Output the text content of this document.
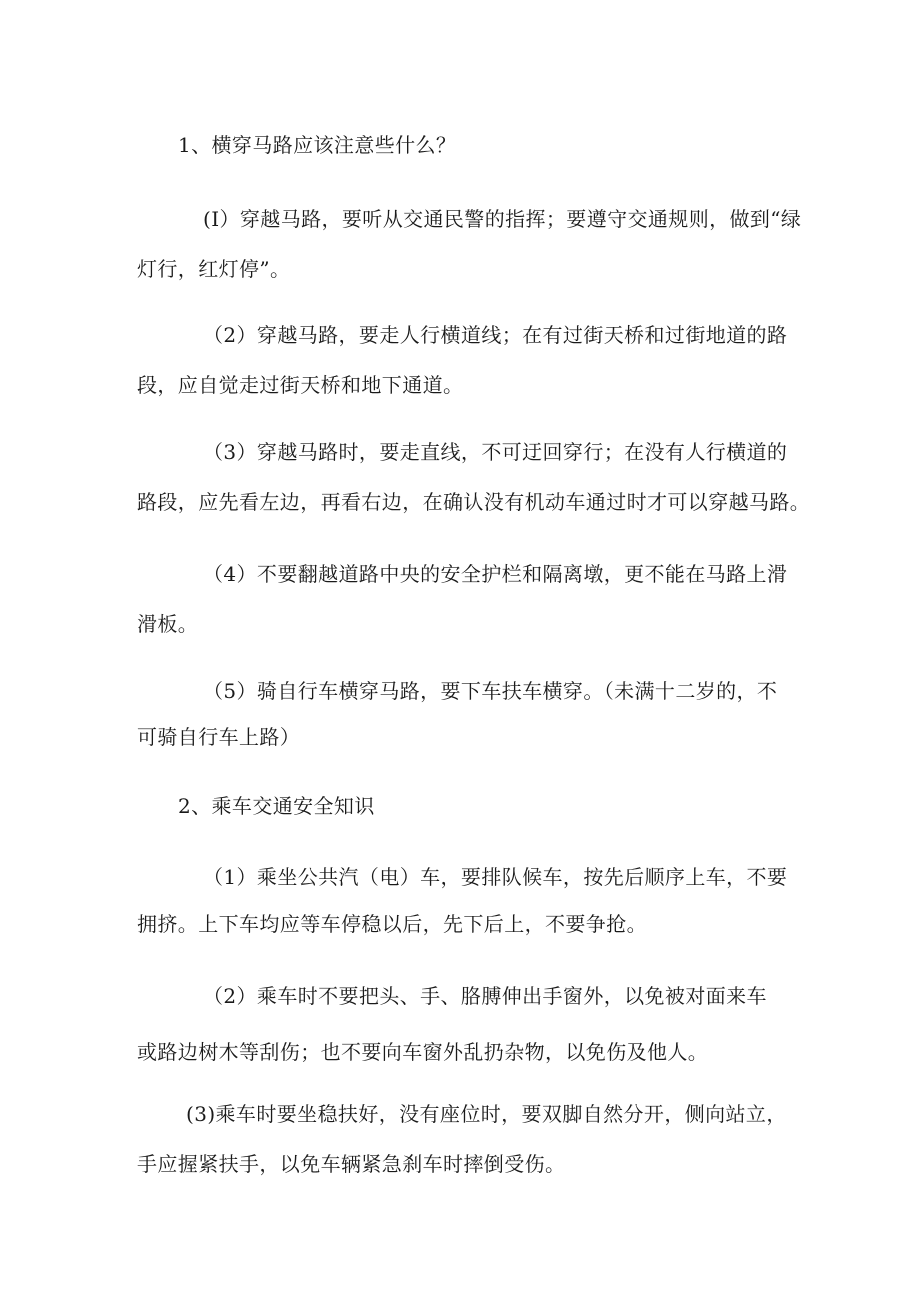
1、横穿马路应该注意些什么？
(I）穿越马路，要听从交通民警的指挥；要遵守交通规则，做到“绿
灯行，红灯停”。
（2）穿越马路，要走人行横道线；在有过街天桥和过街地道的路
段，应自觉走过街天桥和地下通道。
（3）穿越马路时，要走直线，不可迂回穿行；在没有人行横道的
路段，应先看左边，再看右边，在确认没有机动车通过时才可以穿越马路。
（4）不要翻越道路中央的安全护栏和隔离墩，更不能在马路上滑
滑板。
（5）骑自行车横穿马路，要下车扶车横穿。（未满十二岁的，不
可骑自行车上路）
2、乘车交通安全知识
（1）乘坐公共汽（电）车，要排队候车，按先后顺序上车，不要
拥挤。上下车均应等车停稳以后，先下后上，不要争抢。
（2）乘车时不要把头、手、胳膊伸出手窗外，以免被对面来车
或路边树木等刮伤；也不要向车窗外乱扔杂物，以免伤及他人。
(3)乘车时要坐稳扶好，没有座位时，要双脚自然分开，侧向站立，
手应握紧扶手，以免车辆紧急刹车时摔倒受伤。
